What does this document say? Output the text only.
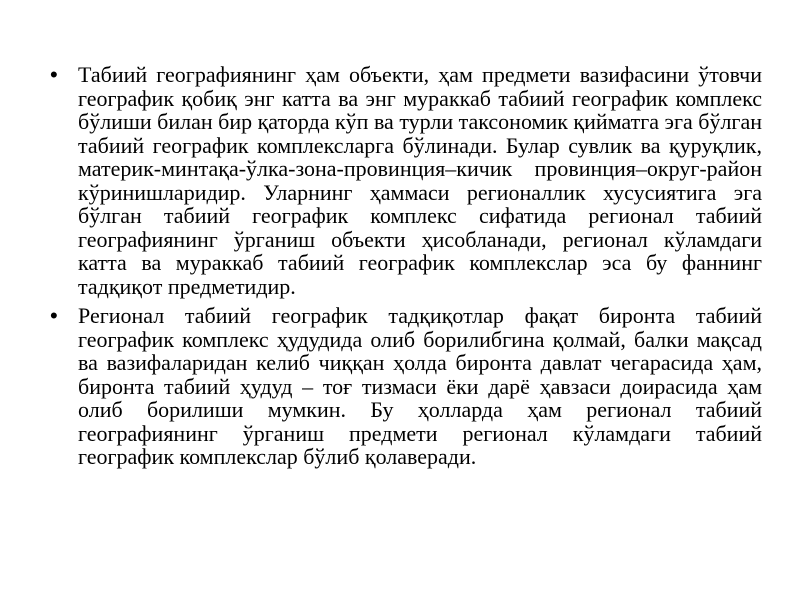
• Табиий географиянинг ҳам объекти, ҳам предмети вазифасини ўтовчи географик қобиқ энг катта ва энг мураккаб табиий географик комплекс бўлиши билан бир қаторда кўп ва турли таксономик қийматга эга бўлган табиий географик комплексларга бўлинади. Булар сувлик ва қуруқлик, материк-минтақа-ўлка-зона-провинция–кичик провинция–округ-район кўринишларидир. Уларнинг ҳаммаси регионаллик хусусиятига эга бўлган табиий географик комплекс сифатида регионал табиий географиянинг ўрганиш объекти ҳисобланади, регионал кўламдаги катта ва мураккаб табиий географик комплекслар эса бу фаннинг тадқиқот предметидир.
• Регионал табиий географик тадқиқотлар фақат биронта табиий географик комплекс ҳудудида олиб борилибгина қолмай, балки мақсад ва вазифаларидан келиб чиққан ҳолда биронта давлат чегарасида ҳам, биронта табиий ҳудуд – тоғ тизмаси ёки дарё ҳавзаси доирасида ҳам олиб борилиши мумкин. Бу ҳолларда ҳам регионал табиий географиянинг ўрганиш предмети регионал кўламдаги табиий географик комплекслар бўлиб қолаверади.
